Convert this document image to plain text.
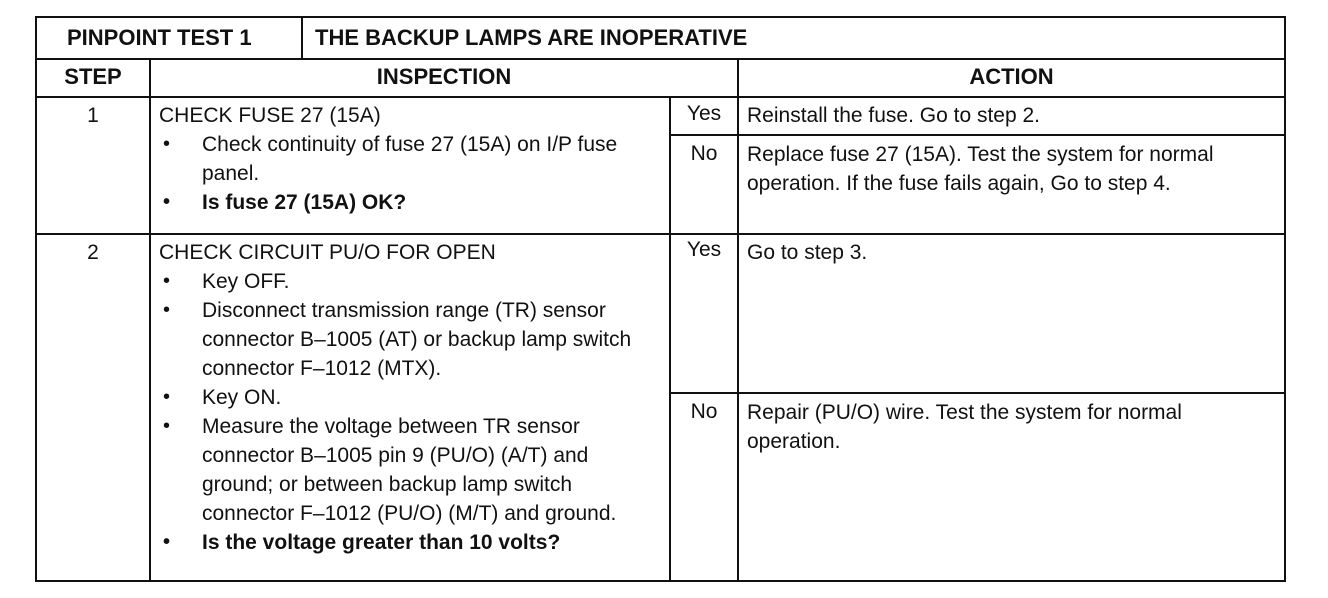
PINPOINT TEST 1	THE BACKUP LAMPS ARE INOPERATIVE
STEP	INSPECTION	ACTION
1	CHECK FUSE 27 (15A)
• Check continuity of fuse 27 (15A) on I/P fuse panel.
• Is fuse 27 (15A) OK?
Yes	Reinstall the fuse. Go to step 2.
No	Replace fuse 27 (15A). Test the system for normal operation. If the fuse fails again, Go to step 4.
2	CHECK CIRCUIT PU/O FOR OPEN
• Key OFF.
• Disconnect transmission range (TR) sensor connector B–1005 (AT) or backup lamp switch connector F–1012 (MTX).
• Key ON.
• Measure the voltage between TR sensor connector B–1005 pin 9 (PU/O) (A/T) and ground; or between backup lamp switch connector F–1012 (PU/O) (M/T) and ground.
• Is the voltage greater than 10 volts?
Yes	Go to step 3.
No	Repair (PU/O) wire. Test the system for normal operation.
